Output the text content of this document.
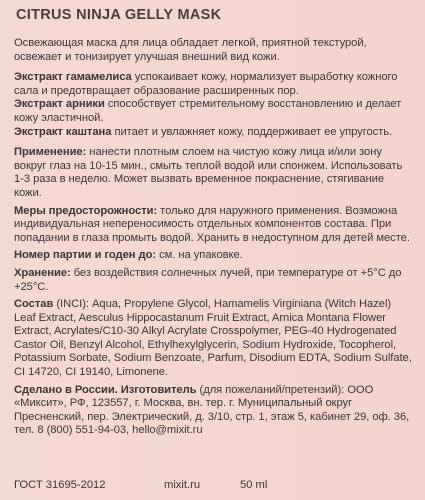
CITRUS NINJA GELLY MASK

Освежающая маска для лица обладает легкой, приятной текстурой, освежает и тонизирует улучшая внешний вид кожи.

Экстракт гамамелиса успокаивает кожу, нормализует выработку кожного сала и предотвращает образование расширенных пор.

Экстракт арники способствует стремительному восстановлению и делает кожу эластичной.

Экстракт каштана питает и увлажняет кожу, поддерживает ее упругость.

Применение: нанести плотным слоем на чистую кожу лица и/или зону вокруг глаз на 10-15 мин., смыть теплой водой или спонжем. Использовать 1-3 раза в неделю. Может вызвать временное покраснение, стягивание кожи.

Меры предосторожности: только для наружного применения. Возможна индивидуальная непереносимость отдельных компонентов состава. При попадании в глаза промыть водой. Хранить в недоступном для детей месте.

Номер партии и годен до: см. на упаковке.

Хранение: без воздействия солнечных лучей, при температуре от +5°С до +25°С.

Состав (INCI): Aqua, Propylene Glycol, Hamamelis Virginiana (Witch Hazel) Leaf Extract, Aesculus Hippocastanum Fruit Extract, Arnica Montana Flower Extract, Acrylates/C10-30 Alkyl Acrylate Crosspolymer, PEG-40 Hydrogenated Castor Oil, Benzyl Alcohol, Ethylhexylglycerin, Sodium Hydroxide, Tocopherol, Potassium Sorbate, Sodium Benzoate, Parfum, Disodium EDTA, Sodium Sulfate, CI 14720, CI 19140, Limonene.

Сделано в России. Изготовитель (для пожеланий/претензий): ООО «Миксит», РФ, 123557, г. Москва, вн. тер. г. Муниципальный округ Пресненский, пер. Электрический, д. 3/10, стр. 1, этаж 5, кабинет 29, оф. 36, тел. 8 (800) 551-94-03, hello@mixit.ru

ГОСТ 31695-2012	mixit.ru	50 ml
